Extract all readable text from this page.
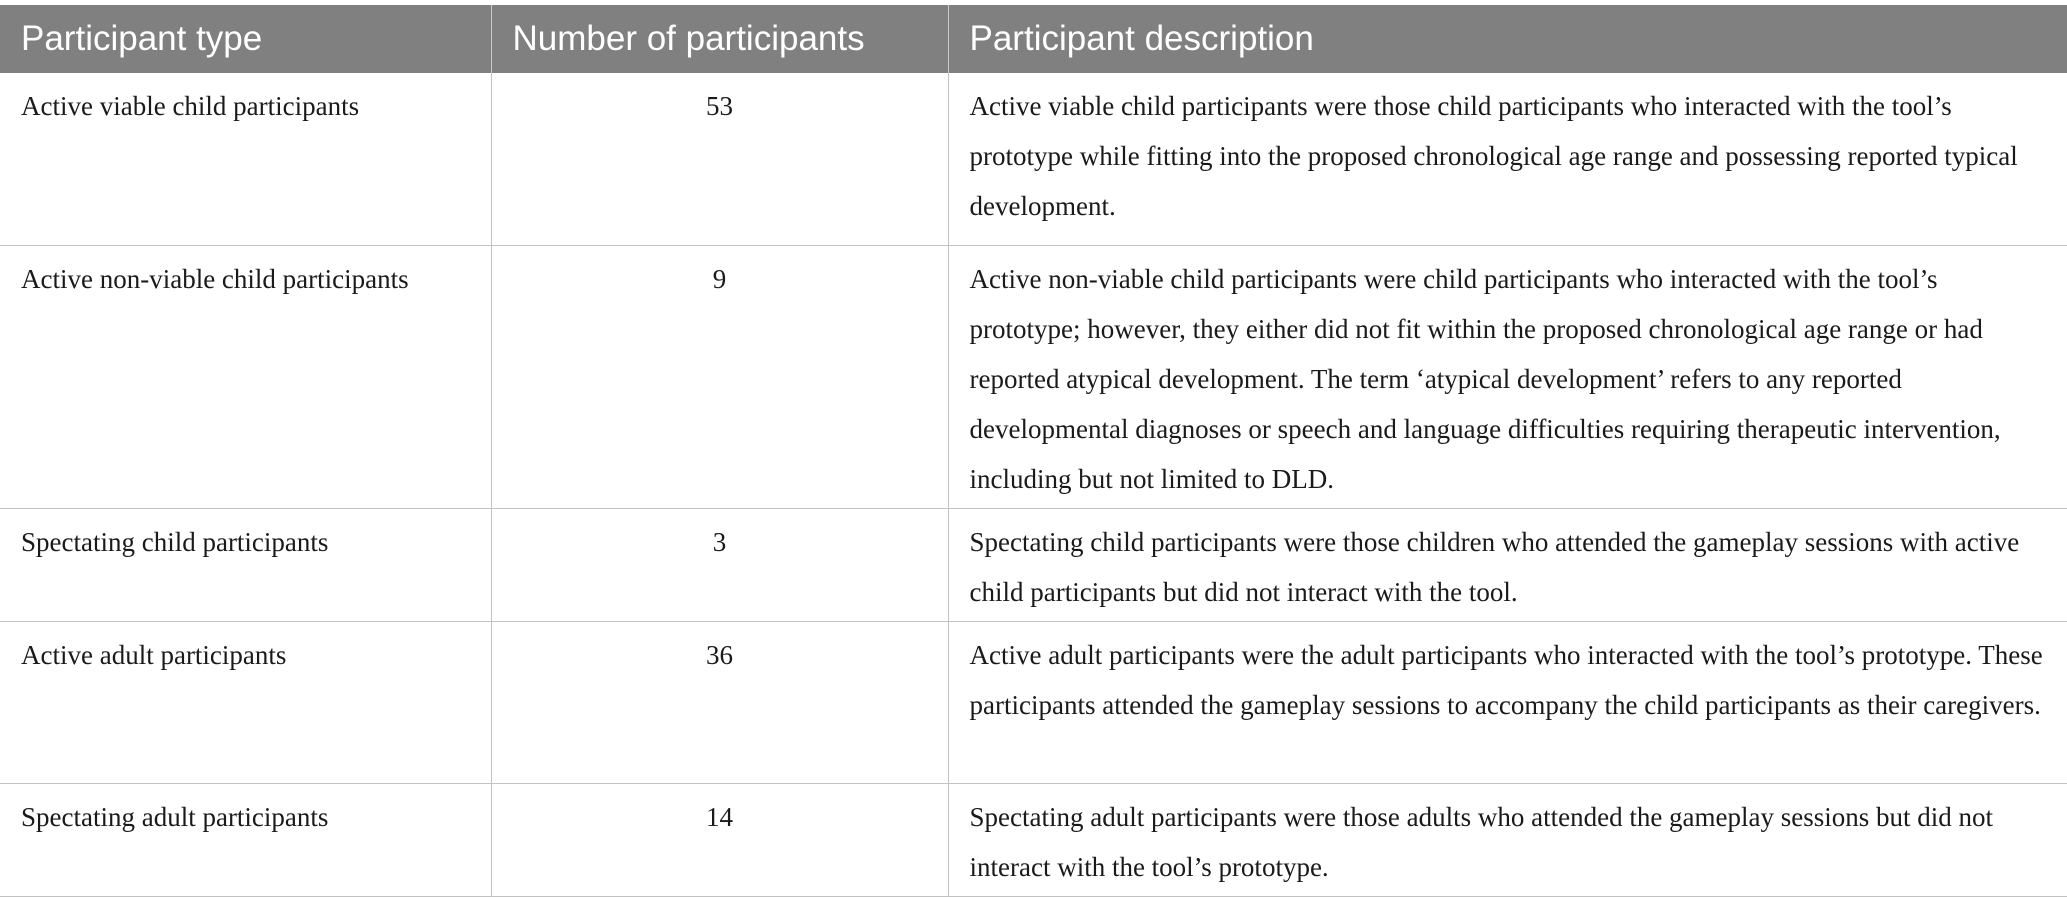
Participant type	Number of participants	Participant description
Active viable child participants	53	Active viable child participants were those child participants who interacted with the tool’s prototype while fitting into the proposed chronological age range and possessing reported typical development.
Active non-viable child participants	9	Active non-viable child participants were child participants who interacted with the tool’s prototype; however, they either did not fit within the proposed chronological age range or had reported atypical development. The term ‘atypical development’ refers to any reported developmental diagnoses or speech and language difficulties requiring therapeutic intervention, including but not limited to DLD.
Spectating child participants	3	Spectating child participants were those children who attended the gameplay sessions with active child participants but did not interact with the tool.
Active adult participants	36	Active adult participants were the adult participants who interacted with the tool’s prototype. These participants attended the gameplay sessions to accompany the child participants as their caregivers.
Spectating adult participants	14	Spectating adult participants were those adults who attended the gameplay sessions but did not interact with the tool’s prototype.
